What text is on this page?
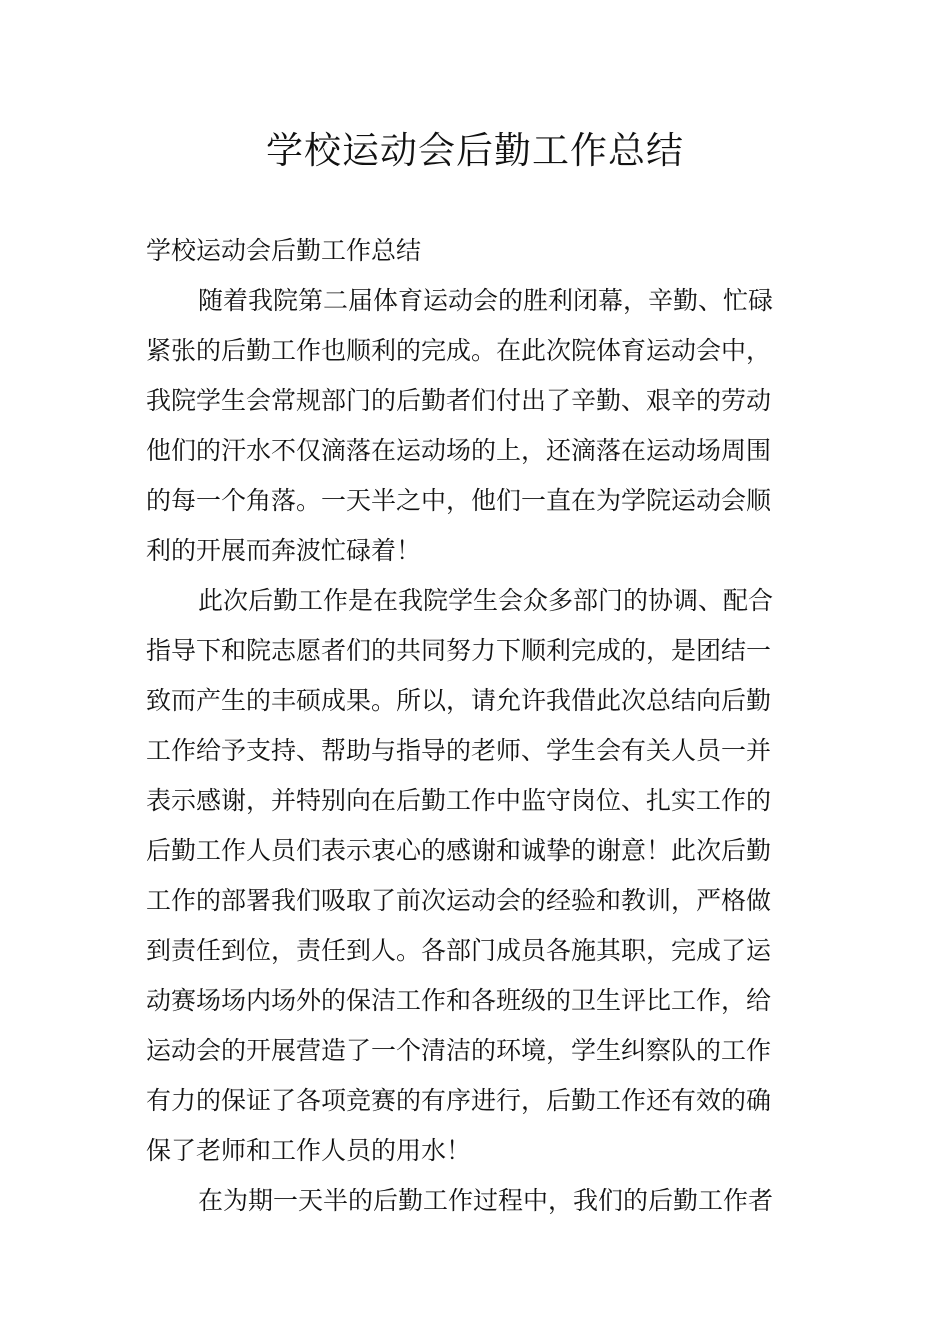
学校运动会后勤工作总结

学校运动会后勤工作总结

随着我院第二届体育运动会的胜利闭幕，辛勤、忙碌

紧张的后勤工作也顺利的完成。在此次院体育运动会中，

我院学生会常规部门的后勤者们付出了辛勤、艰辛的劳动

他们的汗水不仅滴落在运动场的上，还滴落在运动场周围

的每一个角落。一天半之中，他们一直在为学院运动会顺

利的开展而奔波忙碌着！

此次后勤工作是在我院学生会众多部门的协调、配合

指导下和院志愿者们的共同努力下顺利完成的，是团结一

致而产生的丰硕成果。所以，请允许我借此次总结向后勤

工作给予支持、帮助与指导的老师、学生会有关人员一并

表示感谢，并特别向在后勤工作中监守岗位、扎实工作的

后勤工作人员们表示衷心的感谢和诚挚的谢意！此次后勤

工作的部署我们吸取了前次运动会的经验和教训，严格做

到责任到位，责任到人。各部门成员各施其职，完成了运

动赛场场内场外的保洁工作和各班级的卫生评比工作，给

运动会的开展营造了一个清洁的环境，学生纠察队的工作

有力的保证了各项竞赛的有序进行，后勤工作还有效的确

保了老师和工作人员的用水！

在为期一天半的后勤工作过程中，我们的后勤工作者
